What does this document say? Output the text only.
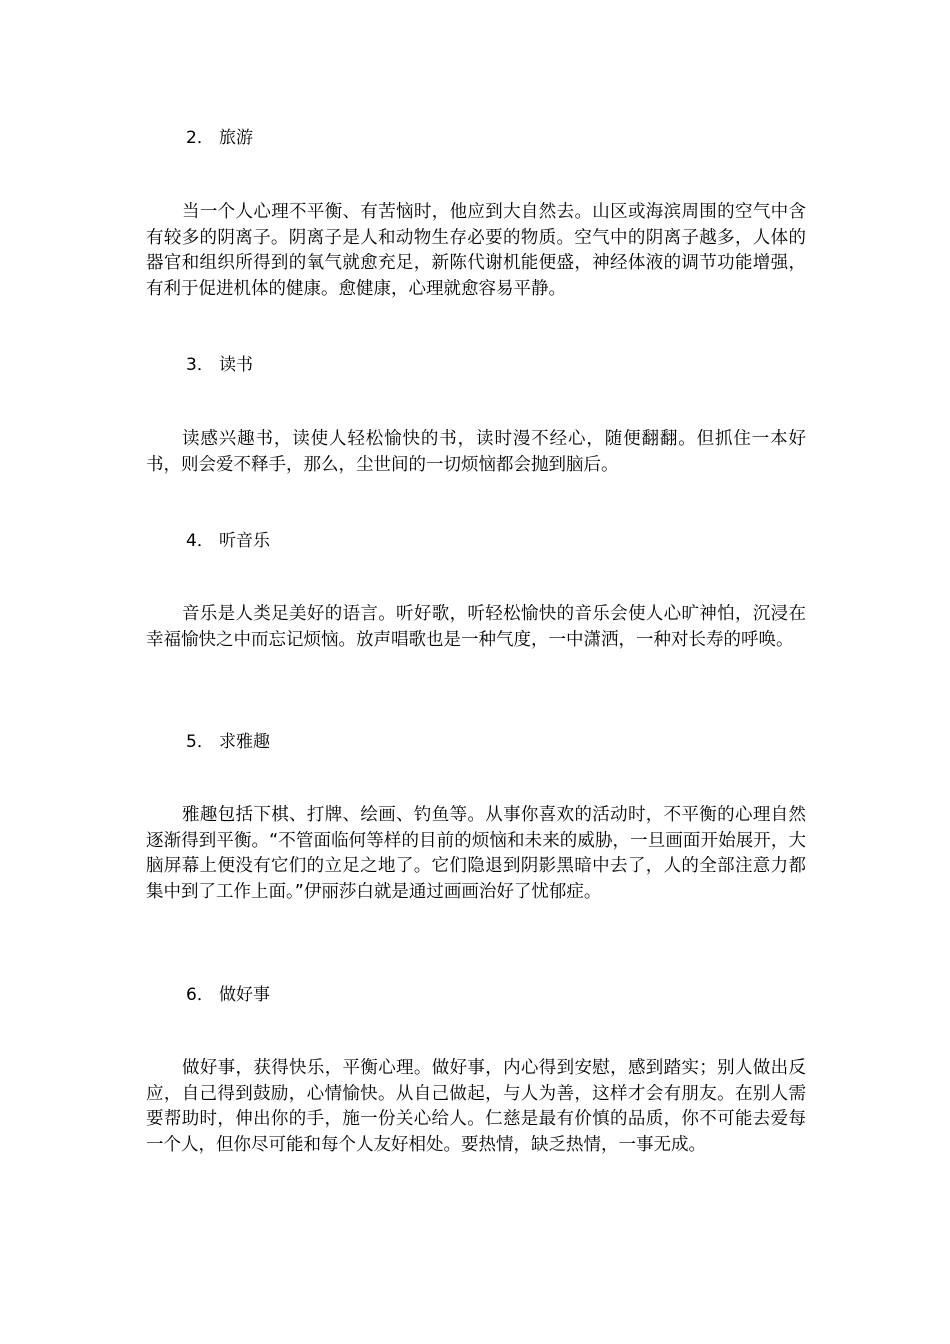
2． 旅游
当一个人心理不平衡、有苦恼时，他应到大自然去。山区或海滨周围的空气中含有较多的阴离子。阴离子是人和动物生存必要的物质。空气中的阴离子越多，人体的器官和组织所得到的氧气就愈充足，新陈代谢机能便盛，神经体液的调节功能增强，有利于促进机体的健康。愈健康，心理就愈容易平静。
3． 读书
读感兴趣书，读使人轻松愉快的书，读时漫不经心，随便翻翻。但抓住一本好书，则会爱不释手，那么，尘世间的一切烦恼都会抛到脑后。
4． 听音乐
音乐是人类足美好的语言。听好歌，听轻松愉快的音乐会使人心旷神怕，沉浸在幸福愉快之中而忘记烦恼。放声唱歌也是一种气度，一中潇洒，一种对长寿的呼唤。
5． 求雅趣
雅趣包括下棋、打牌、绘画、钓鱼等。从事你喜欢的活动时，不平衡的心理自然逐渐得到平衡。“不管面临何等样的目前的烦恼和未来的威胁，一旦画面开始展开，大脑屏幕上便没有它们的立足之地了。它们隐退到阴影黑暗中去了，人的全部注意力都集中到了工作上面。”伊丽莎白就是通过画画治好了忧郁症。
6． 做好事
做好事，获得快乐，平衡心理。做好事，内心得到安慰，感到踏实；别人做出反应，自己得到鼓励，心情愉快。从自己做起，与人为善，这样才会有朋友。在别人需要帮助时，伸出你的手，施一份关心给人。仁慈是最有价慎的品质，你不可能去爱每一个人，但你尽可能和每个人友好相处。要热情，缺乏热情，一事无成。
